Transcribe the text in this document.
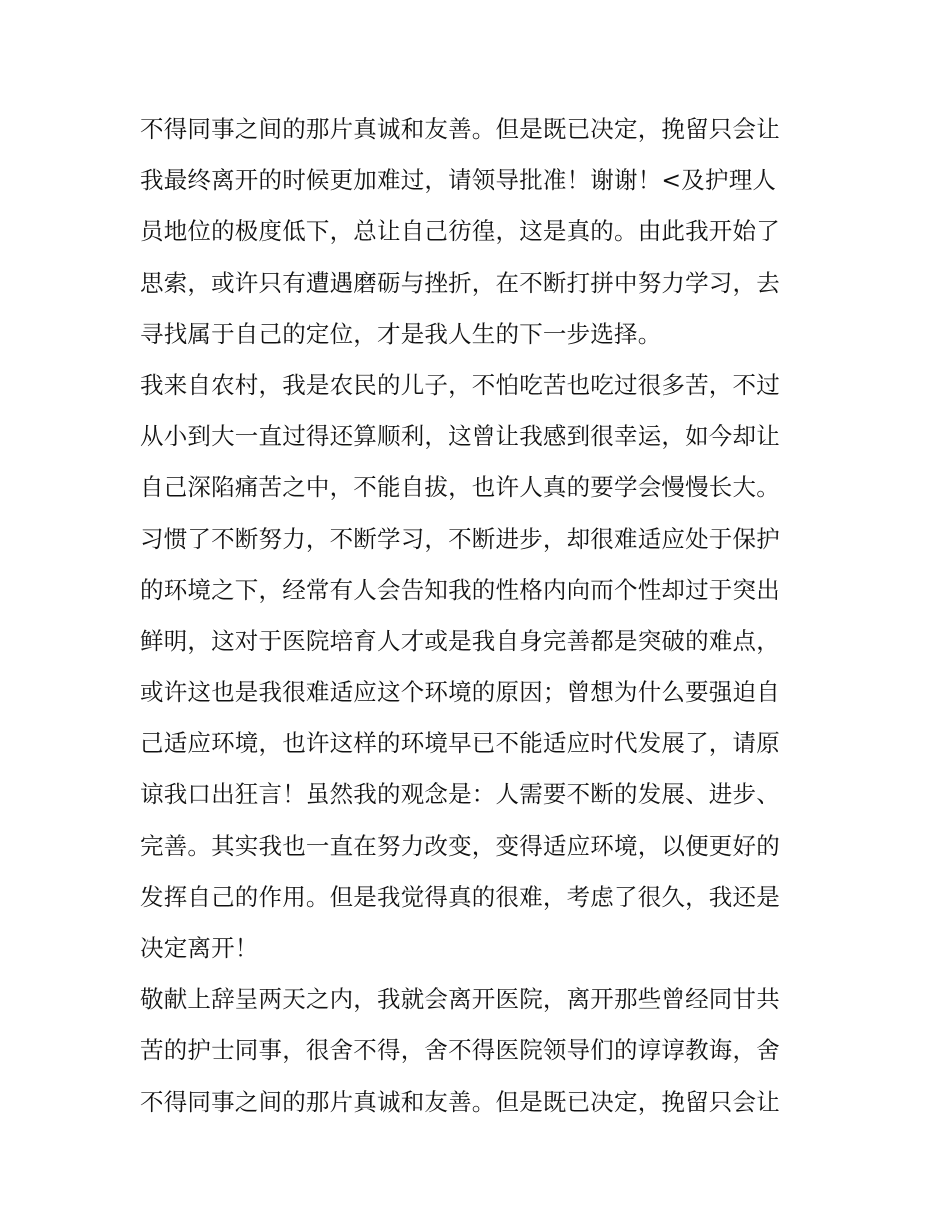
不得同事之间的那片真诚和友善。但是既已决定，挽留只会让
我最终离开的时候更加难过，请领导批准！谢谢！<及护理人
员地位的极度低下，总让自己彷徨，这是真的。由此我开始了
思索，或许只有遭遇磨砺与挫折，在不断打拼中努力学习，去
寻找属于自己的定位，才是我人生的下一步选择。
我来自农村，我是农民的儿子，不怕吃苦也吃过很多苦，不过
从小到大一直过得还算顺利，这曾让我感到很幸运，如今却让
自己深陷痛苦之中，不能自拔，也许人真的要学会慢慢长大。
习惯了不断努力，不断学习，不断进步，却很难适应处于保护
的环境之下，经常有人会告知我的性格内向而个性却过于突出
鲜明，这对于医院培育人才或是我自身完善都是突破的难点，
或许这也是我很难适应这个环境的原因；曾想为什么要强迫自
己适应环境，也许这样的环境早已不能适应时代发展了，请原
谅我口出狂言！虽然我的观念是：人需要不断的发展、进步、
完善。其实我也一直在努力改变，变得适应环境，以便更好的
发挥自己的作用。但是我觉得真的很难，考虑了很久，我还是
决定离开！
敬献上辞呈两天之内，我就会离开医院，离开那些曾经同甘共
苦的护士同事，很舍不得，舍不得医院领导们的谆谆教诲，舍
不得同事之间的那片真诚和友善。但是既已决定，挽留只会让
